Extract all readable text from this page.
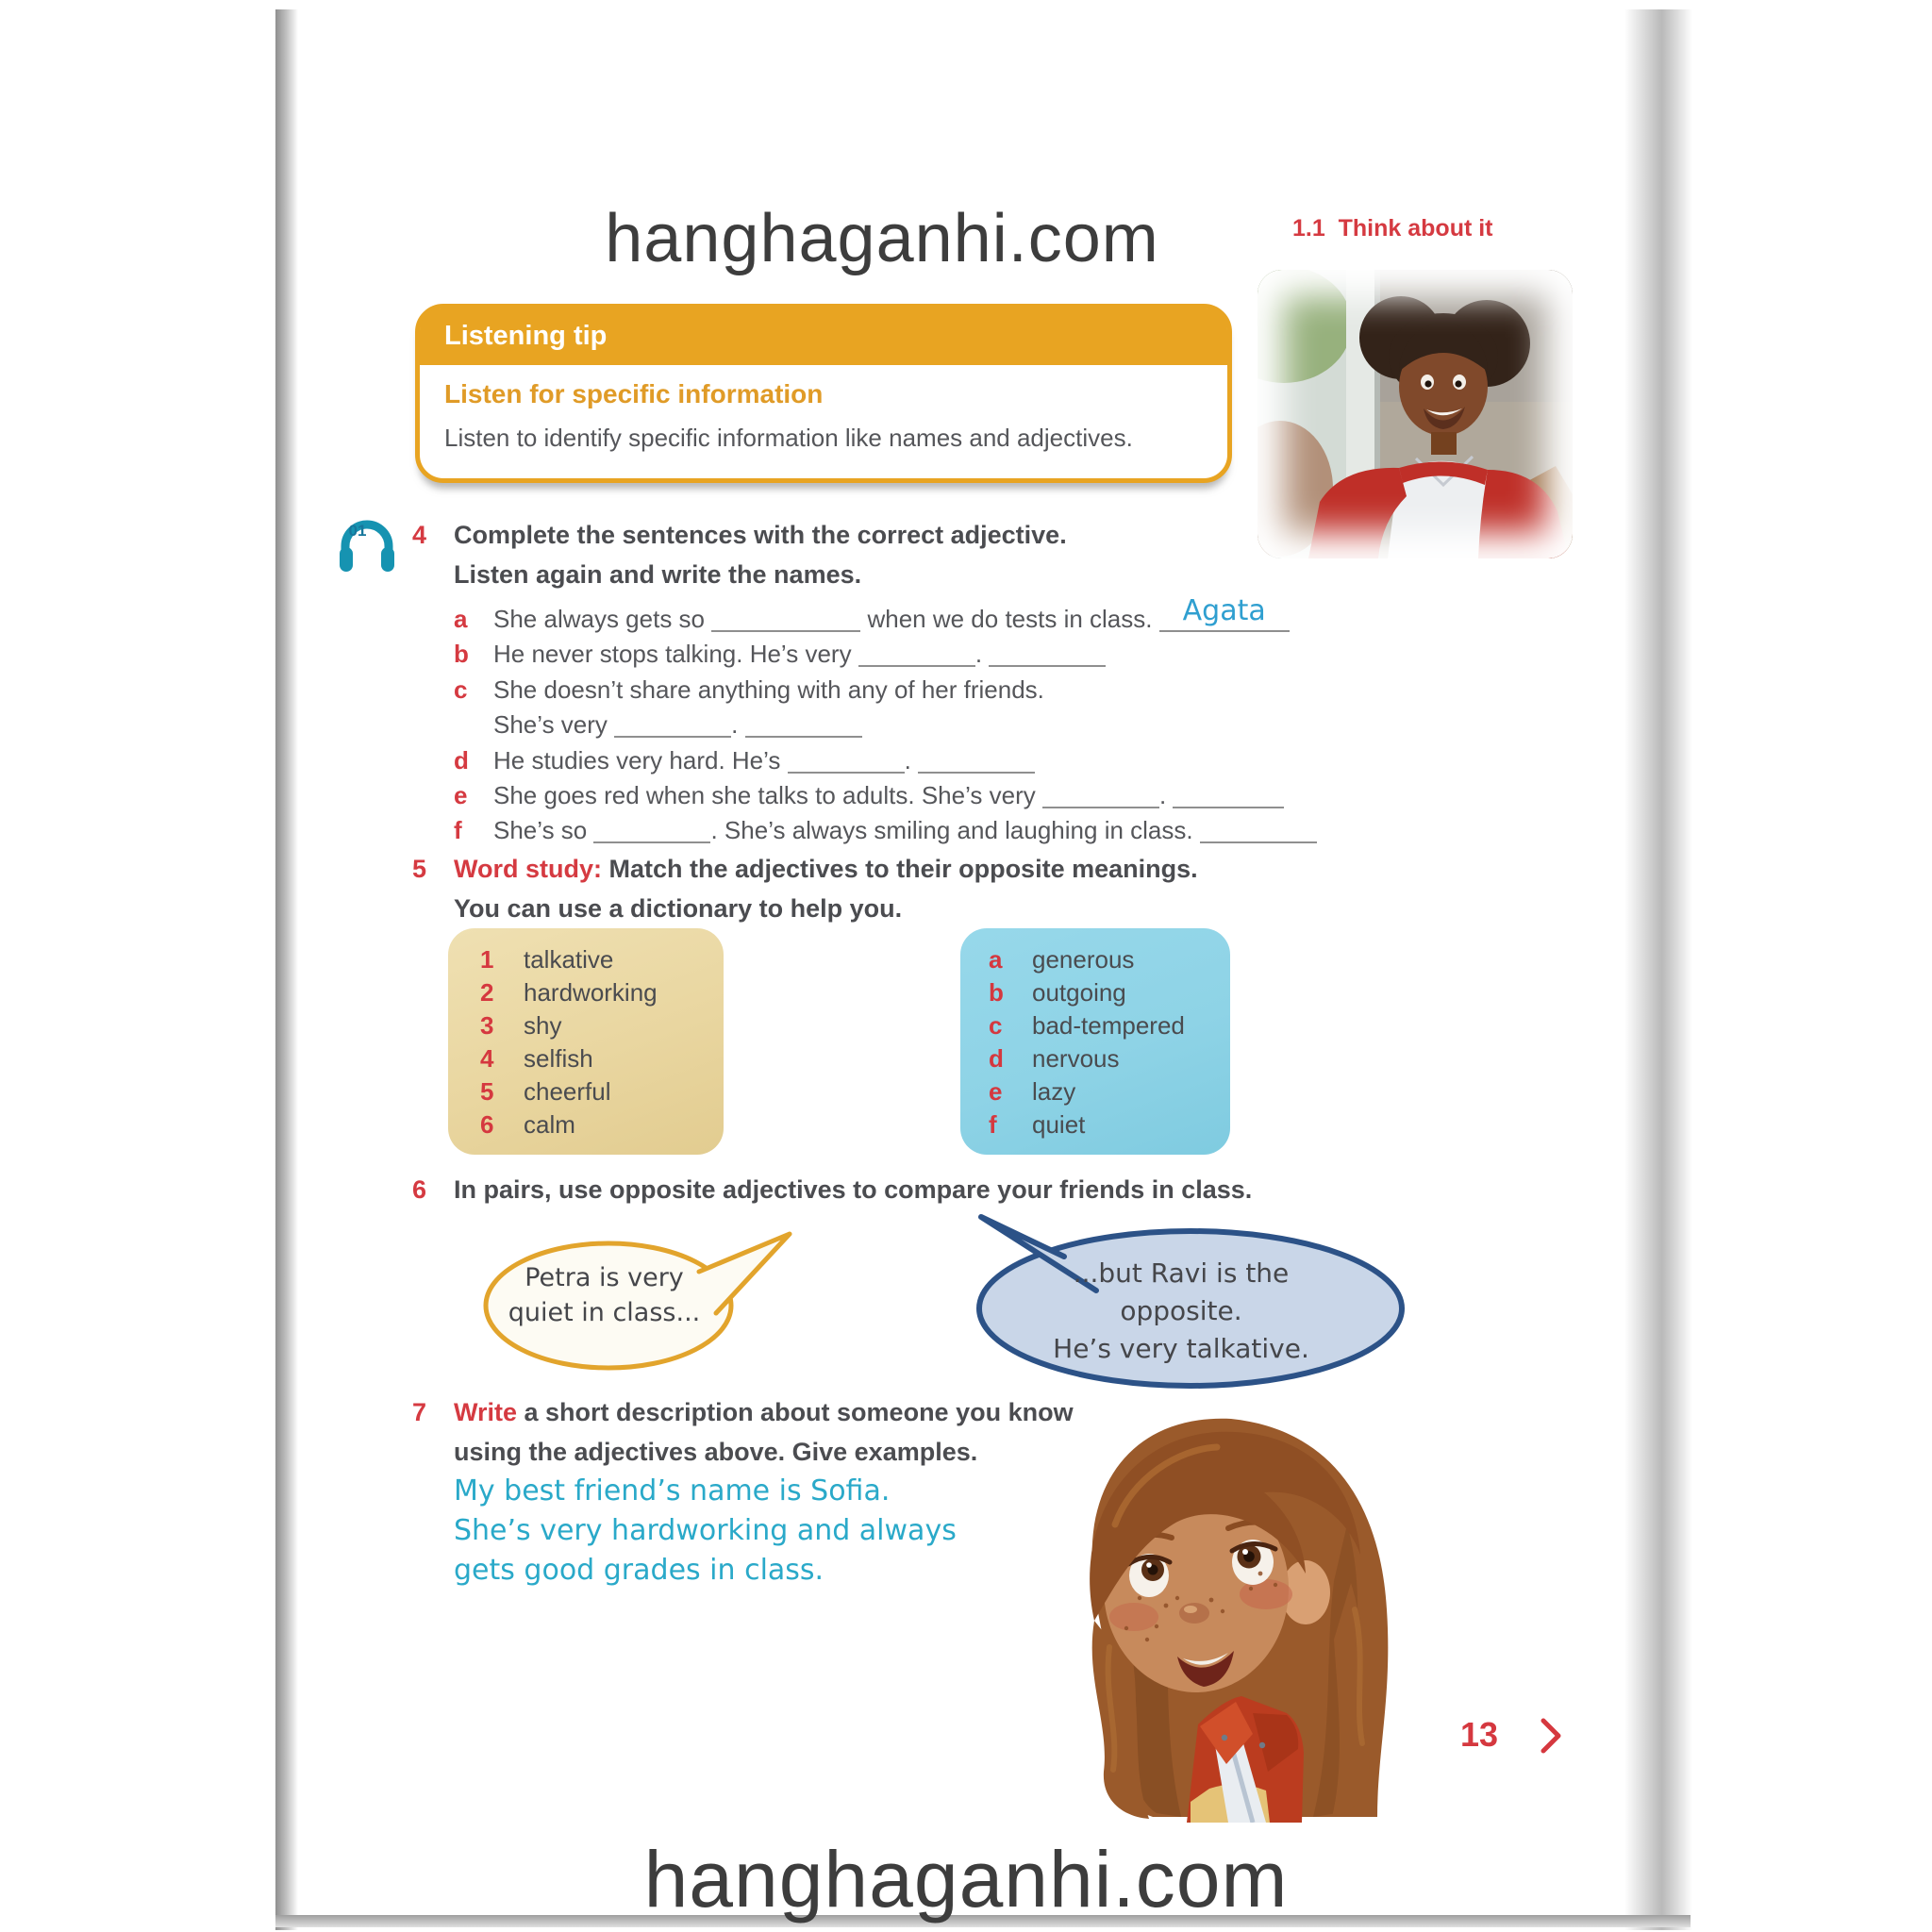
hanghaganhi.com
hanghaganhi.com
1.1  Think about it
Listening tip
Listen for specific information
Listen to identify specific information like names and adjectives.
01 4 Complete the sentences with the correct adjective.
Listen again and write the names.
a She always gets so	when we do tests in class. Agata
b He never stops talking. He’s very	.
c She doesn’t share anything with any of her friends.
She’s very	.
d He studies very hard. He’s	.
e She goes red when she talks to adults. She’s very	.
f She’s so	. She’s always smiling and laughing in class.
5 Word study: Match the adjectives to their opposite meanings.
You can use a dictionary to help you.
1 talkative
2 hardworking
3 shy
4 selfish
5 cheerful
6 calm
a generous
b outgoing
c bad-tempered
d nervous
e lazy
f quiet
6 In pairs, use opposite adjectives to compare your friends in class.
Petra is very
quiet in class...
...but Ravi is the opposite.
He’s very talkative.
7 Write a short description about someone you know
using the adjectives above. Give examples.
My best friend’s name is Sofia.
She’s very hardworking and always
gets good grades in class.
13
